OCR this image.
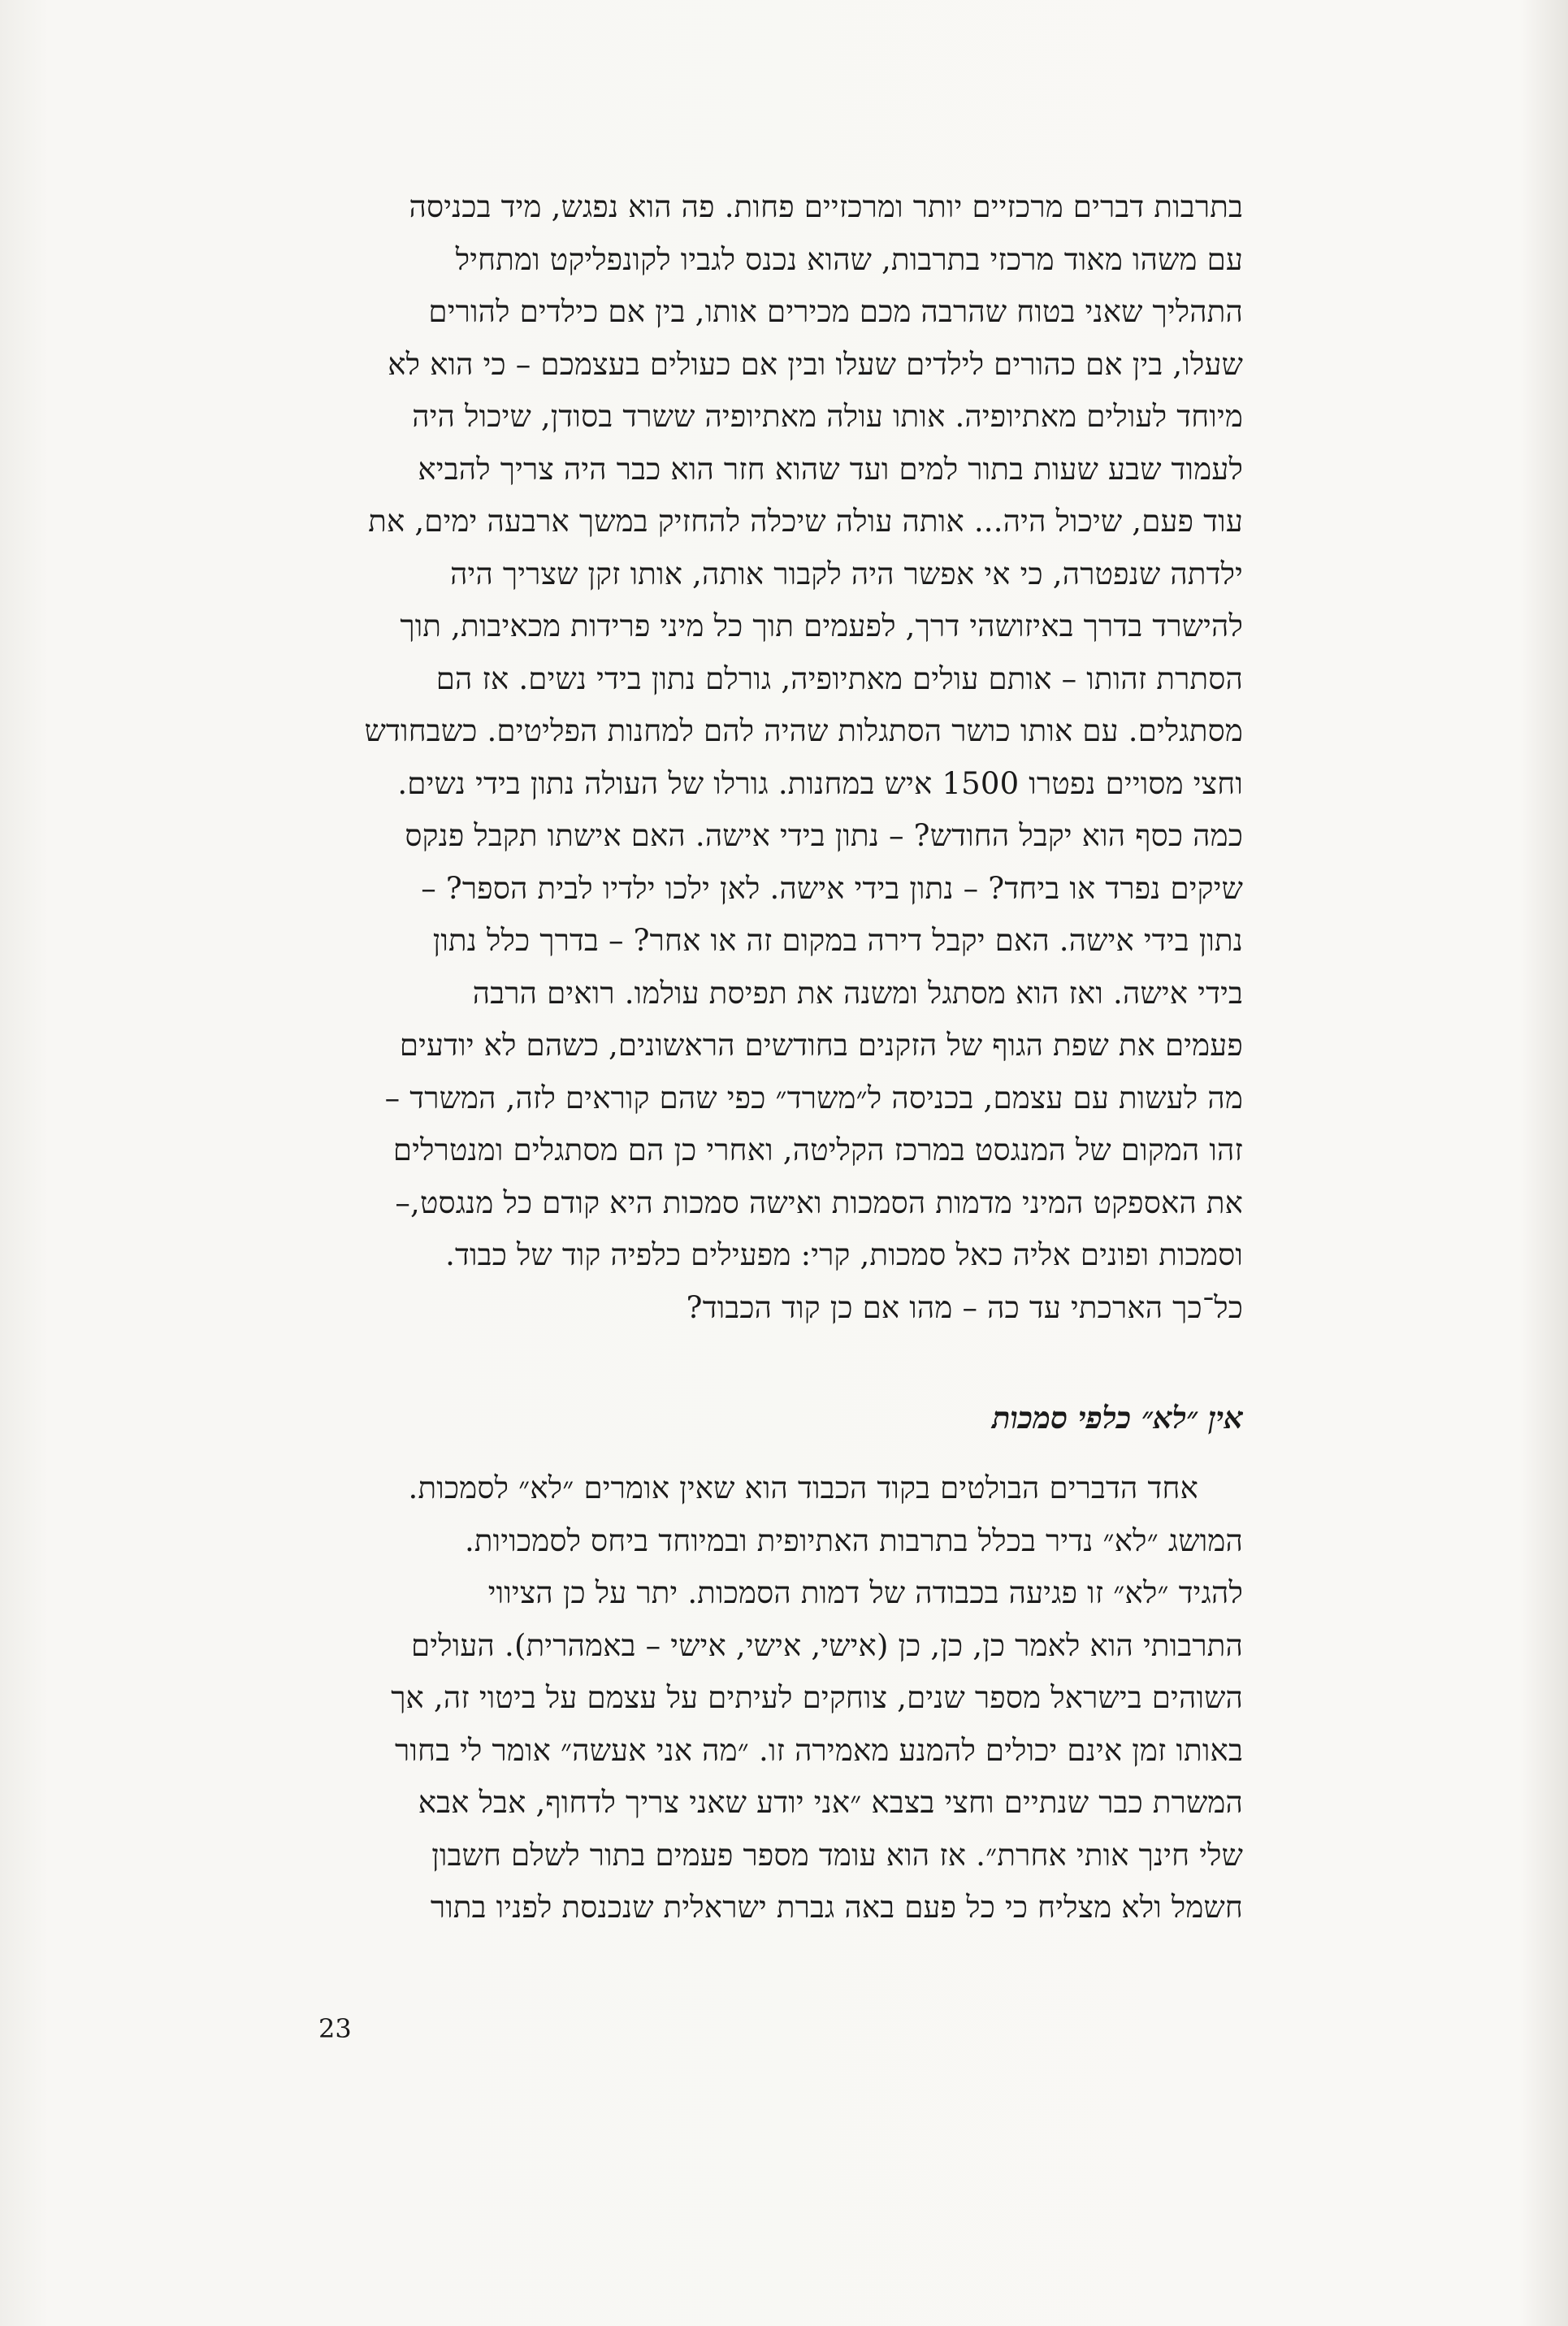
בתרבות דברים מרכזיים יותר ומרכזיים פחות. פה הוא נפגש, מיד בכניסה
עם משהו מאוד מרכזי בתרבות, שהוא נכנס לגביו לקונפליקט ומתחיל
התהליך שאני בטוח שהרבה מכם מכירים אותו, בין אם כילדים להורים
שעלו, בין אם כהורים לילדים שעלו ובין אם כעולים בעצמכם – כי הוא לא
מיוחד לעולים מאתיופיה. אותו עולה מאתיופיה ששרד בסודן, שיכול היה
לעמוד שבע שעות בתור למים ועד שהוא חזר הוא כבר היה צריך להביא
עוד פעם, שיכול היה... אותה עולה שיכלה להחזיק במשך ארבעה ימים, את
ילדתה שנפטרה, כי אי אפשר היה לקבור אותה, אותו זקן שצריך היה
להישרד בדרך באיזושהי דרך, לפעמים תוך כל מיני פרידות מכאיבות, תוך
הסתרת זהותו – אותם עולים מאתיופיה, גורלם נתון בידי נשים. אז הם
מסתגלים. עם אותו כושר הסתגלות שהיה להם למחנות הפליטים. כשבחודש
וחצי מסויים נפטרו 1500 איש במחנות. גורלו של העולה נתון בידי נשים.
כמה כסף הוא יקבל החודש? – נתון בידי אישה. האם אישתו תקבל פנקס
שיקים נפרד או ביחד? – נתון בידי אישה. לאן ילכו ילדיו לבית הספר? –
נתון בידי אישה. האם יקבל דירה במקום זה או אחר? – בדרך כלל נתון
בידי אישה. ואז הוא מסתגל ומשנה את תפיסת עולמו. רואים הרבה
פעמים את שפת הגוף של הזקנים בחודשים הראשונים, כשהם לא יודעים
מה לעשות עם עצמם, בכניסה ל״משרד״ כפי שהם קוראים לזה, המשרד –
זהו המקום של המנגסט במרכז הקליטה, ואחרי כן הם מסתגלים ומנטרלים
את האספקט המיני מדמות הסמכות ואישה סמכות היא קודם כל מנגסט,–
וסמכות ופונים אליה כאל סמכות, קרי: מפעילים כלפיה קוד של כבוד.
כל־כך הארכתי עד כה – מהו אם כן קוד הכבוד?
אין ״לא״ כלפי סמכות
אחד הדברים הבולטים בקוד הכבוד הוא שאין אומרים ״לא״ לסמכות.
המושג ״לא״ נדיר בכלל בתרבות האתיופית ובמיוחד ביחס לסמכויות.
להגיד ״לא״ זו פגיעה בכבודה של דמות הסמכות. יתר על כן הציווי
התרבותי הוא לאמר כן, כן, כן (אישי, אישי, אישי – באמהרית). העולים
השוהים בישראל מספר שנים, צוחקים לעיתים על עצמם על ביטוי זה, אך
באותו זמן אינם יכולים להמנע מאמירה זו. ״מה אני אעשה״ אומר לי בחור
המשרת כבר שנתיים וחצי בצבא ״אני יודע שאני צריך לדחוף, אבל אבא
שלי חינך אותי אחרת״. אז הוא עומד מספר פעמים בתור לשלם חשבון
חשמל ולא מצליח כי כל פעם באה גברת ישראלית שנכנסת לפניו בתור
23
